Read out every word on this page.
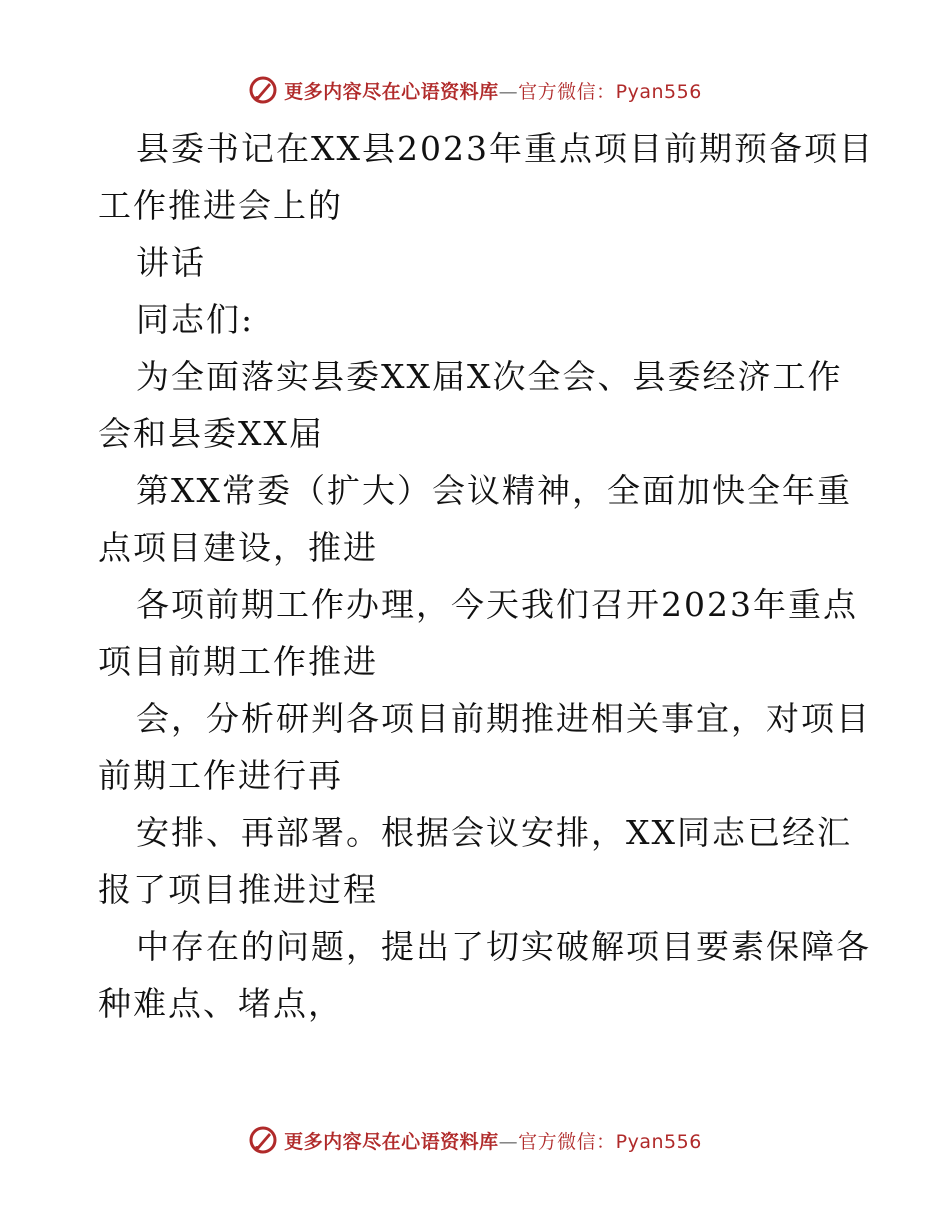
更多内容尽在心语资料库—官方微信：Pyan556
县委书记在XX县2023年重点项目前期预备项目
工作推进会上的
讲话
同志们:
为全面落实县委XX届X次全会、县委经济工作
会和县委XX届
第XX常委（扩大）会议精神，全面加快全年重
点项目建设，推进
各项前期工作办理，今天我们召开2023年重点
项目前期工作推进
会，分析研判各项目前期推进相关事宜，对项目
前期工作进行再
安排、再部署。根据会议安排，XX同志已经汇
报了项目推进过程
中存在的问题，提出了切实破解项目要素保障各
种难点、堵点，
更多内容尽在心语资料库—官方微信：Pyan556
